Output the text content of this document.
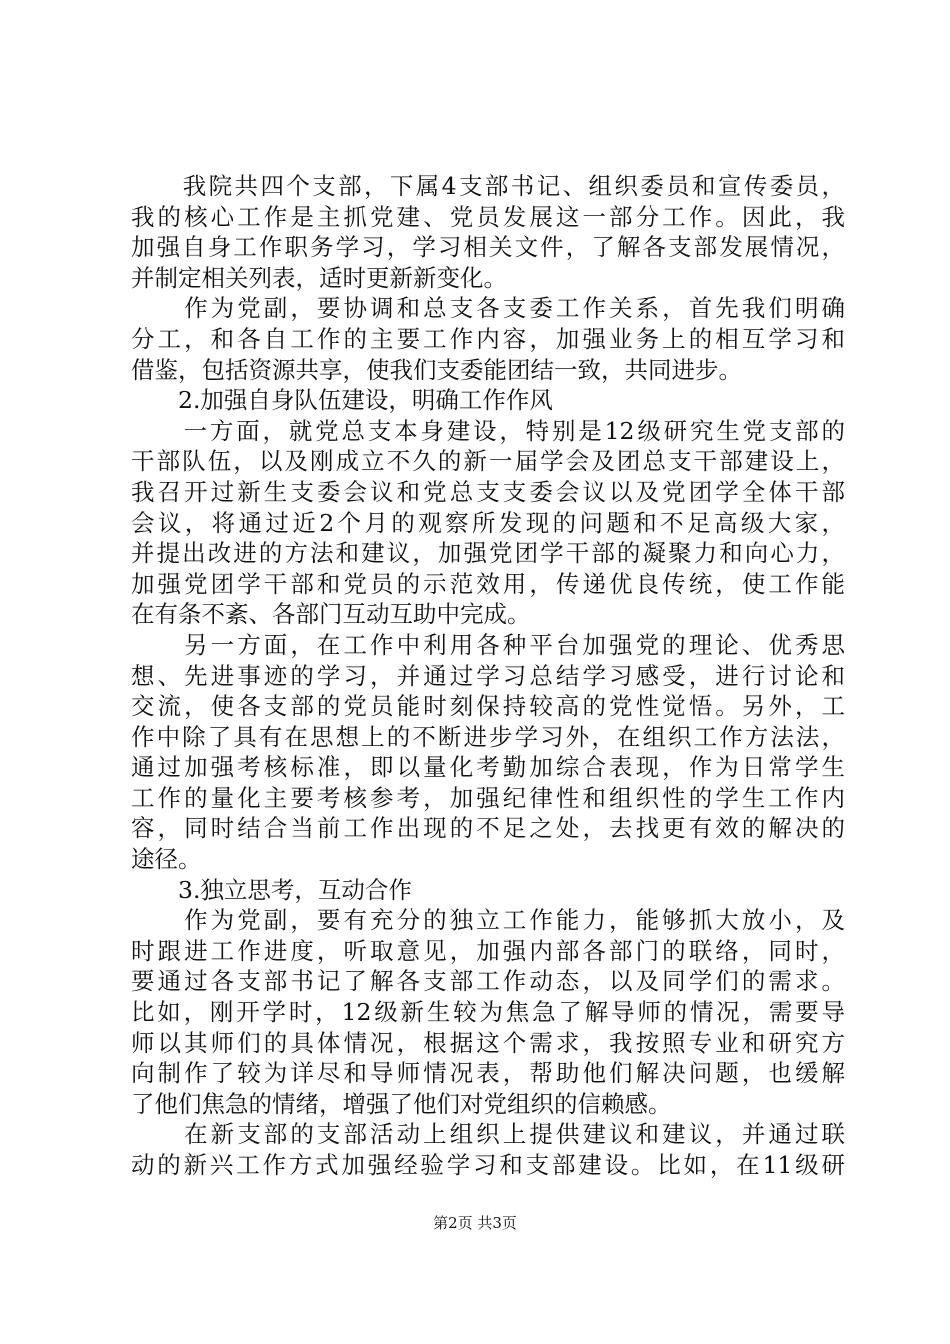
　　我院共四个支部，下属4支部书记、组织委员和宣传委员，
我的核心工作是主抓党建、党员发展这一部分工作。因此，我
加强自身工作职务学习，学习相关文件，了解各支部发展情况，
并制定相关列表，适时更新新变化。
　　作为党副，要协调和总支各支委工作关系，首先我们明确
分工，和各自工作的主要工作内容，加强业务上的相互学习和
借鉴，包括资源共享，使我们支委能团结一致，共同进步。
　　2.加强自身队伍建设，明确工作作风
　　一方面，就党总支本身建设，特别是12级研究生党支部的
干部队伍，以及刚成立不久的新一届学会及团总支干部建设上，
我召开过新生支委会议和党总支支委会议以及党团学全体干部
会议，将通过近2个月的观察所发现的问题和不足高级大家，
并提出改进的方法和建议，加强党团学干部的凝聚力和向心力，
加强党团学干部和党员的示范效用，传递优良传统，使工作能
在有条不紊、各部门互动互助中完成。
　　另一方面，在工作中利用各种平台加强党的理论、优秀思
想、先进事迹的学习，并通过学习总结学习感受，进行讨论和
交流，使各支部的党员能时刻保持较高的党性觉悟。另外，工
作中除了具有在思想上的不断进步学习外，在组织工作方法法，
通过加强考核标准，即以量化考勤加综合表现，作为日常学生
工作的量化主要考核参考，加强纪律性和组织性的学生工作内
容，同时结合当前工作出现的不足之处，去找更有效的解决的
途径。
　　3.独立思考，互动合作
　　作为党副，要有充分的独立工作能力，能够抓大放小，及
时跟进工作进度，听取意见，加强内部各部门的联络，同时，
要通过各支部书记了解各支部工作动态，以及同学们的需求。
比如，刚开学时，12级新生较为焦急了解导师的情况，需要导
师以其师们的具体情况，根据这个需求，我按照专业和研究方
向制作了较为详尽和导师情况表，帮助他们解决问题，也缓解
了他们焦急的情绪，增强了他们对党组织的信赖感。
　　在新支部的支部活动上组织上提供建议和建议，并通过联
动的新兴工作方式加强经验学习和支部建设。比如，在11级研
第2页 共3页
